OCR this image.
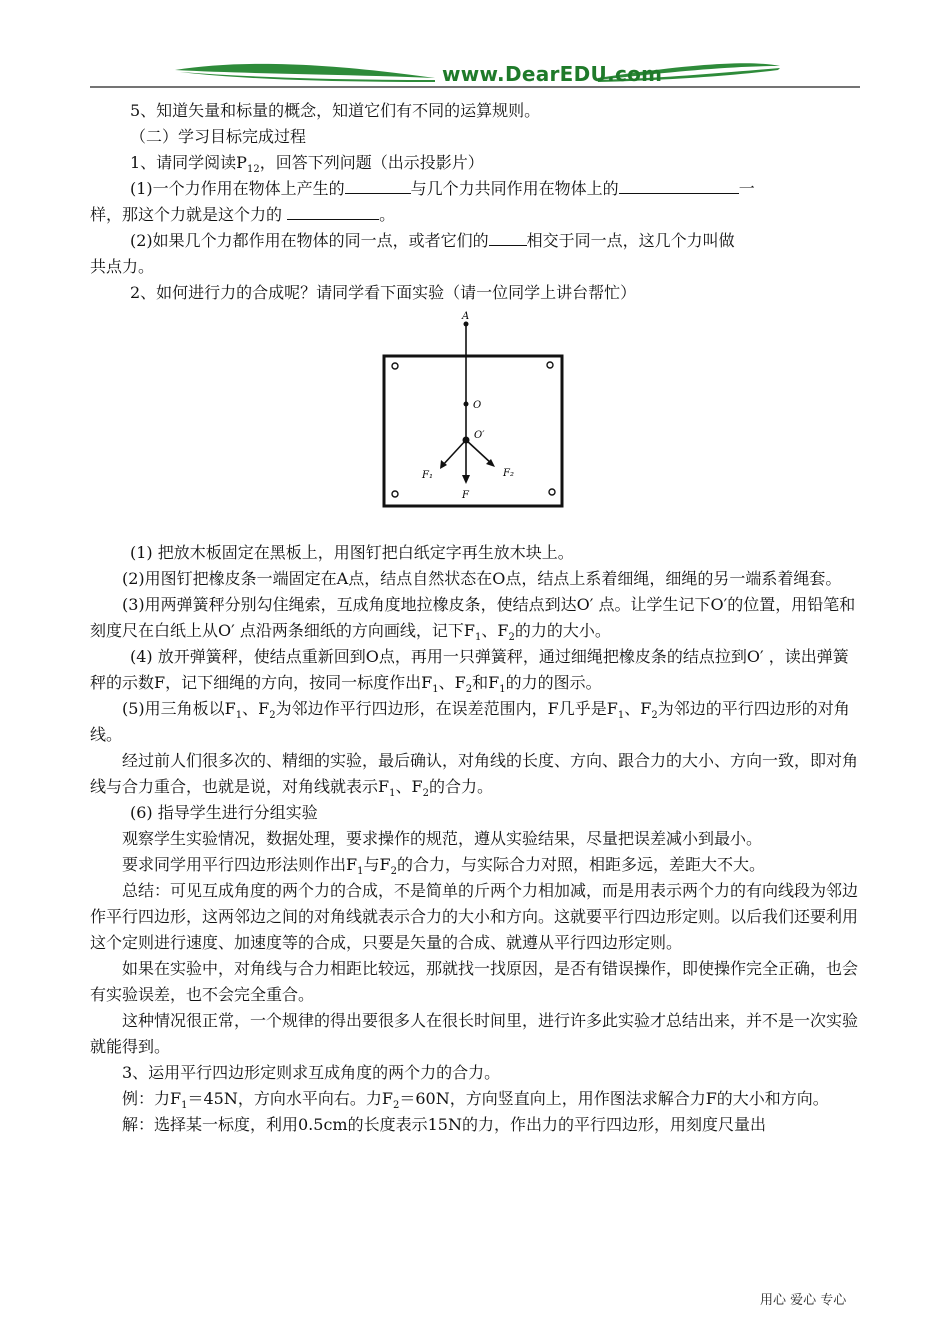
www.DearEDU.com

5、知道矢量和标量的概念，知道它们有不同的运算规则。

（二）学习目标完成过程

1、请同学阅读$P_{12}$，回答下列问题（出示投影片）

(1)一个力作用在物体上产生的	与几个力共同作用在物体上的	一

样，那这个力就是这个力的	。

(2)如果几个力都作用在物体的同一点，或者它们的 相交于同一点，这几个力叫做

共点力。

2、如何进行力的合成呢？请同学看下面实验（请一位同学上讲台帮忙）

A
O
O′
F₁	F₂
F

(1) 把放木板固定在黑板上，用图钉把白纸定字再生放木块上。

(2)用图钉把橡皮条一端固定在A点，结点自然状态在O点，结点上系着细绳，细绳的另一端系着绳套。

(3)用两弹簧秤分别勾住绳索，互成角度地拉橡皮条，使结点到达O′ 点。让学生记下O′的位置，用铅笔和刻度尺在白纸上从O′ 点沿两条细纸的方向画线，记下$F_1$、$F_2$的力的大小。

(4) 放开弹簧秤，使结点重新回到O点，再用一只弹簧秤，通过细绳把橡皮条的结点拉到O′ ，读出弹簧秤的示数F，记下细绳的方向，按同一标度作出$F_1$、$F_2$和$F_1$的力的图示。

(5)用三角板以$F_1$、$F_2$为邻边作平行四边形，在误差范围内，F几乎是$F_1$、$F_2$为邻边的平行四边形的对角线。

经过前人们很多次的、精细的实验，最后确认，对角线的长度、方向、跟合力的大小、方向一致，即对角线与合力重合，也就是说，对角线就表示$F_1$、$F_2$的合力。

(6) 指导学生进行分组实验

观察学生实验情况，数据处理，要求操作的规范，遵从实验结果，尽量把误差减小到最小。

要求同学用平行四边形法则作出$F_1$与$F_2$的合力，与实际合力对照，相距多远，差距大不大。

总结：可见互成角度的两个力的合成，不是简单的斤两个力相加减，而是用表示两个力的有向线段为邻边作平行四边形，这两邻边之间的对角线就表示合力的大小和方向。这就要平行四边形定则。以后我们还要利用这个定则进行速度、加速度等的合成，只要是矢量的合成、就遵从平行四边形定则。

如果在实验中，对角线与合力相距比较远，那就找一找原因，是否有错误操作，即使操作完全正确，也会有实验误差，也不会完全重合。

这种情况很正常，一个规律的得出要很多人在很长时间里，进行许多此实验才总结出来，并不是一次实验就能得到。

3、运用平行四边形定则求互成角度的两个力的合力。

例：力$F_1=45N$，方向水平向右。力$F_2=60N$，方向竖直向上，用作图法求解合力F的大小和方向。

解：选择某一标度，利用0.5cm的长度表示15N的力，作出力的平行四边形，用刻度尺量出

用心 爱心 专心
